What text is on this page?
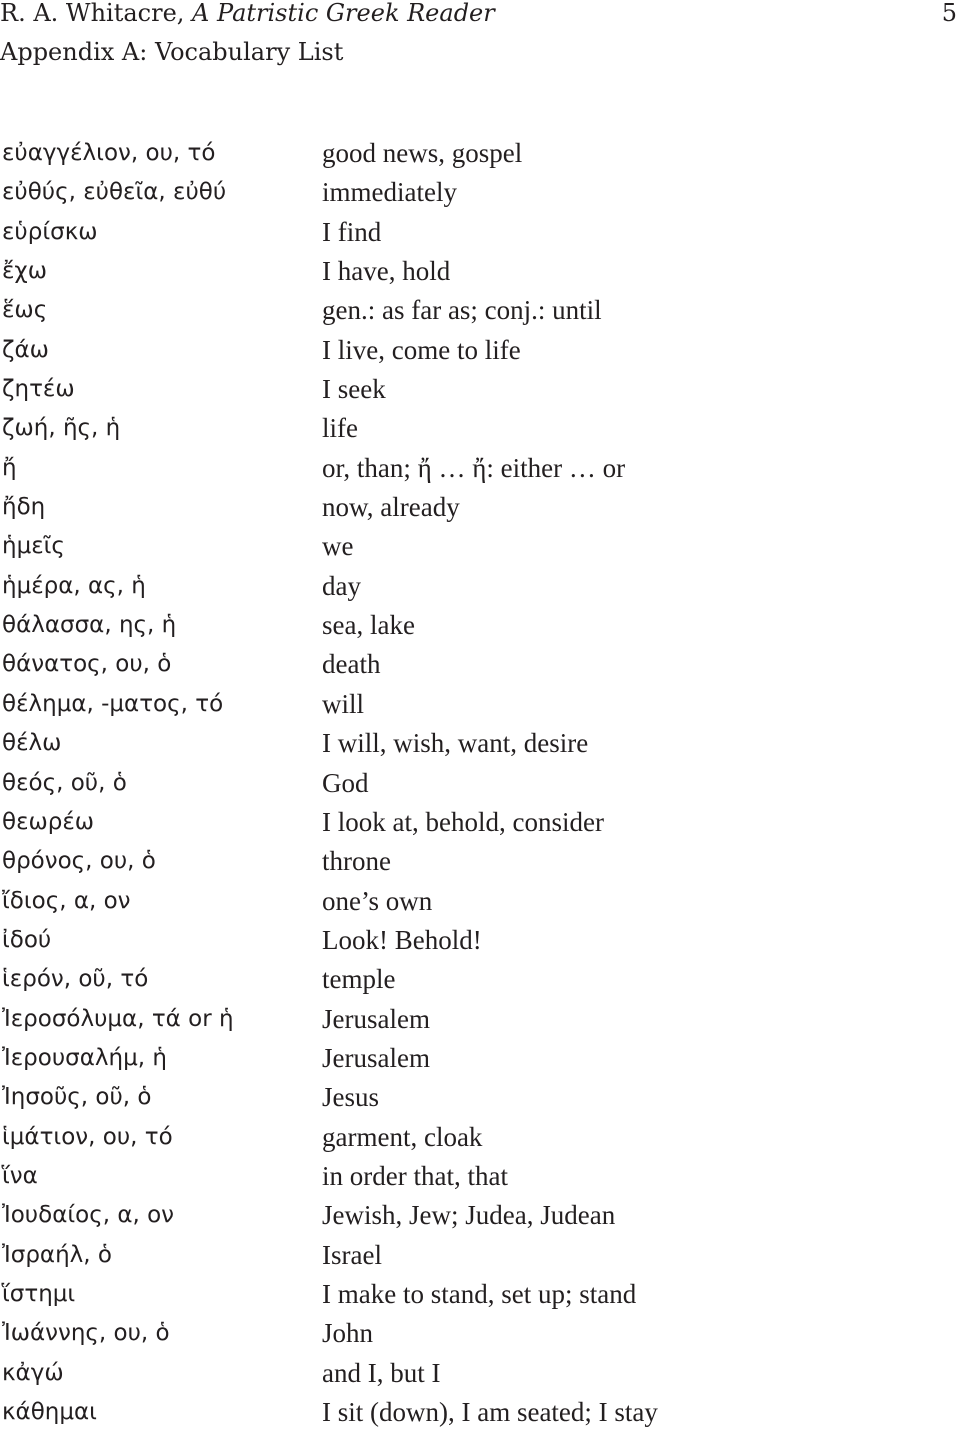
R. A. Whitacre, A Patristic Greek Reader	5
Appendix A: Vocabulary List
εὐαγγέλιον, ου, τό	good news, gospel
εὐθύς, εὐθεῖα, εὐθύ	immediately
εὑρίσκω	I find
ἔχω	I have, hold
ἕως	gen.: as far as; conj.: until
ζάω	I live, come to life
ζητέω	I seek
ζωή, ῆς, ἡ	life
ἤ	or, than; ἤ … ἤ: either … or
ἤδη	now, already
ἡμεῖς	we
ἡμέρα, ας, ἡ	day
θάλασσα, ης, ἡ	sea, lake
θάνατος, ου, ὁ	death
θέλημα, -ματος, τό	will
θέλω	I will, wish, want, desire
θεός, οῦ, ὁ	God
θεωρέω	I look at, behold, consider
θρόνος, ου, ὁ	throne
ἴδιος, α, ον	one’s own
ἰδού	Look! Behold!
ἱερόν, οῦ, τό	temple
Ἰεροσόλυμα, τά or ἡ	Jerusalem
Ἰερουσαλήμ, ἡ	Jerusalem
Ἰησοῦς, οῦ, ὁ	Jesus
ἱμάτιον, ου, τό	garment, cloak
ἵνα	in order that, that
Ἰουδαίος, α, ον	Jewish, Jew; Judea, Judean
Ἰσραήλ, ὁ	Israel
ἵστημι	I make to stand, set up; stand
Ἰωάννης, ου, ὁ	John
κἀγώ	and I, but I
κάθημαι	I sit (down), I am seated; I stay
